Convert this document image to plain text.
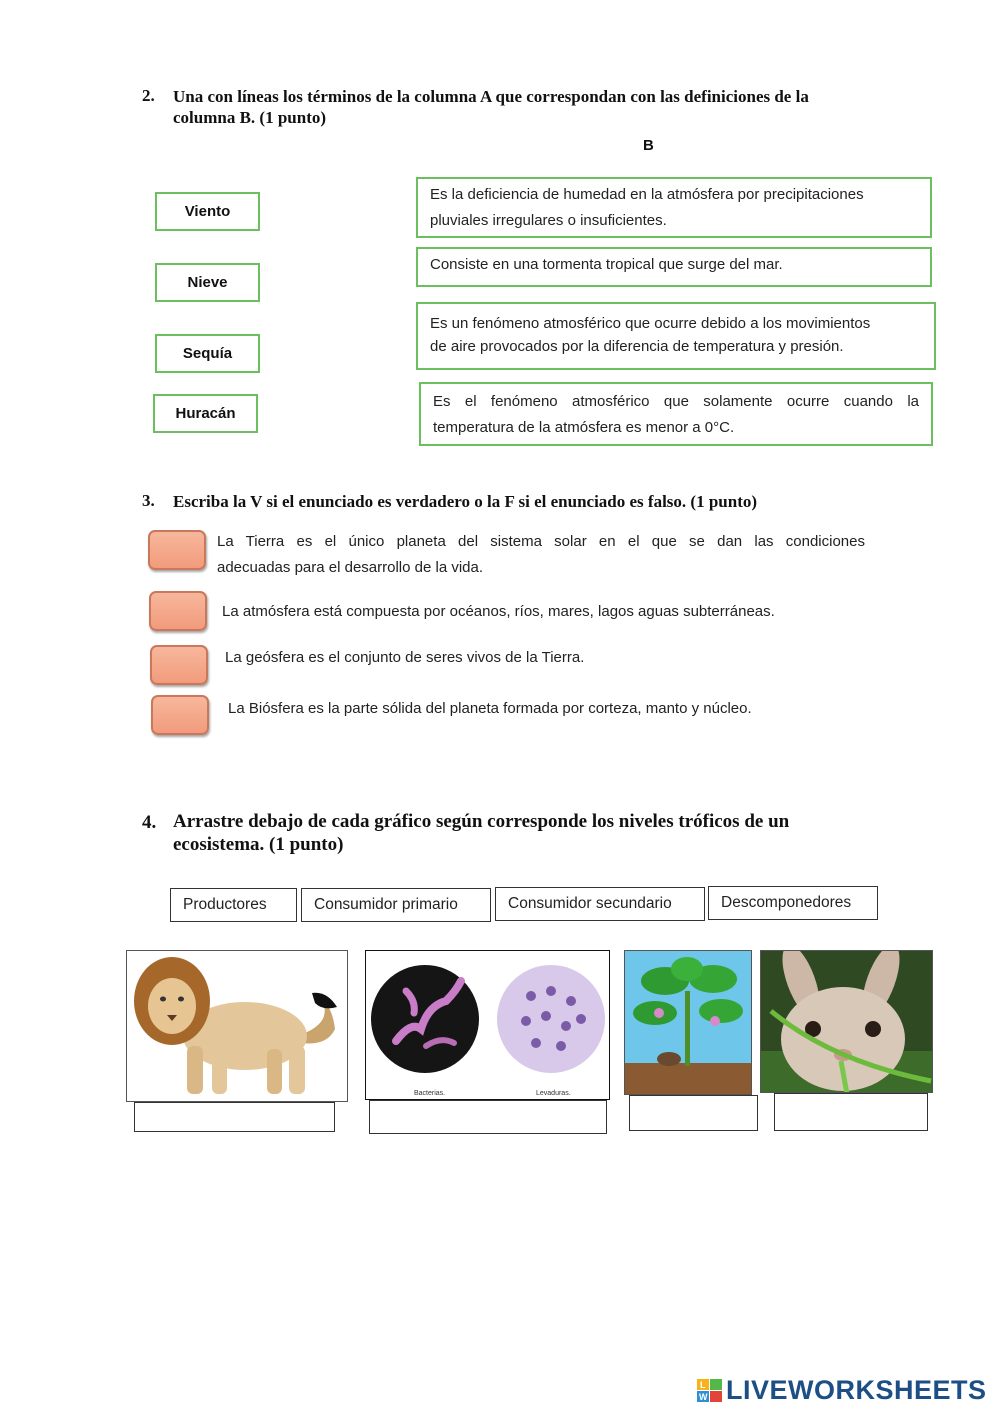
2. Una con líneas los términos de la columna A que correspondan con las definiciones de la
columna B. (1 punto)
B
Viento
Nieve
Sequía
Huracán
Es la deficiencia de humedad en la atmósfera por precipitaciones
pluviales irregulares o insuficientes.
Consiste en una tormenta tropical que surge del mar.
Es un fenómeno atmosférico que ocurre debido a los movimientos
de aire provocados por la diferencia de temperatura y presión.
Es el fenómeno atmosférico que solamente ocurre cuando la
temperatura de la atmósfera es menor a 0°C.
3. Escriba la V si el enunciado es verdadero o la F si el enunciado es falso. (1 punto)
La Tierra es el único planeta del sistema solar en el que se dan las condiciones
adecuadas para el desarrollo de la vida.
La atmósfera está compuesta por océanos, ríos, mares, lagos aguas subterráneas.
La geósfera es el conjunto de seres vivos de la Tierra.
La Biósfera es la parte sólida del planeta formada por corteza, manto y núcleo.
4. Arrastre debajo de cada gráfico según corresponde los niveles tróficos de un
ecosistema. (1 punto)
Productores	Consumidor primario	Consumidor secundario	Descomponedores
Bacterias.	Levaduras.
L
W LIVEWORKSHEETS
